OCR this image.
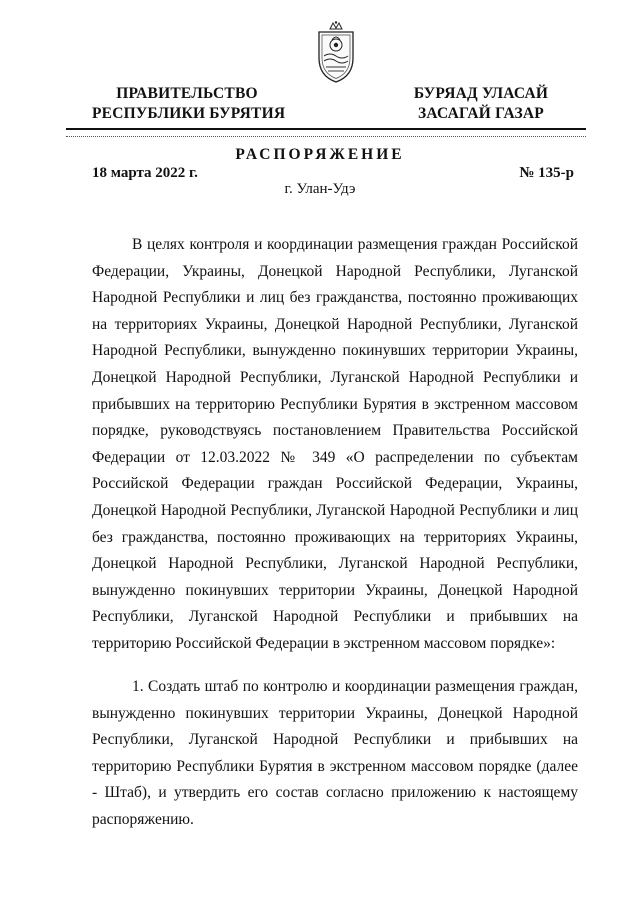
ПРАВИТЕЛЬСТВО
РЕСПУБЛИКИ БУРЯТИЯ
БУРЯАД УЛАСАЙ
ЗАСАГАЙ ГАЗАР
РАСПОРЯЖЕНИЕ
18 марта 2022 г.	№ 135-р
г. Улан-Удэ

В целях контроля и координации размещения граждан Российской Федерации, Украины, Донецкой Народной Республики, Луганской Народной Республики и лиц без гражданства, постоянно проживающих на территориях Украины, Донецкой Народной Республики, Луганской Народной Республики, вынужденно покинувших территории Украины, Донецкой Народной Республики, Луганской Народной Республики и прибывших на территорию Республики Бурятия в экстренном массовом порядке, руководствуясь постановлением Правительства Российской Федерации от 12.03.2022 № 349 «О распределении по субъектам Российской Федерации граждан Российской Федерации, Украины, Донецкой Народной Республики, Луганской Народной Республики и лиц без гражданства, постоянно проживающих на территориях Украины, Донецкой Народной Республики, Луганской Народной Республики, вынужденно покинувших территории Украины, Донецкой Народной Республики, Луганской Народной Республики и прибывших на территорию Российской Федерации в экстренном массовом порядке»:

1. Создать штаб по контролю и координации размещения граждан, вынужденно покинувших территории Украины, Донецкой Народной Республики, Луганской Народной Республики и прибывших на территорию Республики Бурятия в экстренном массовом порядке (далее - Штаб), и утвердить его состав согласно приложению к настоящему распоряжению.
